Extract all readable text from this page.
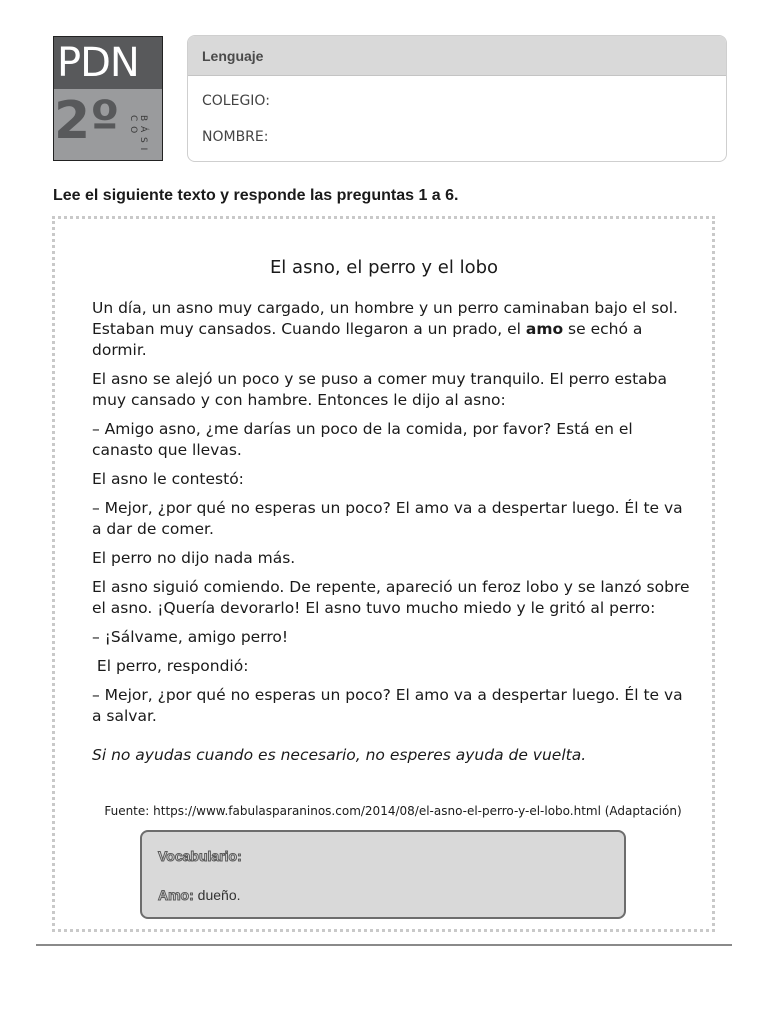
PDN
2º	B Á S I C O
Lenguaje
COLEGIO:
NOMBRE:
Lee el siguiente texto y responde las preguntas 1 a 6.
El asno, el perro y el lobo

Un día, un asno muy cargado, un hombre y un perro caminaban bajo el sol. Estaban muy cansados. Cuando llegaron a un prado, el amo se echó a dormir.

El asno se alejó un poco y se puso a comer muy tranquilo. El perro estaba muy cansado y con hambre. Entonces le dijo al asno:

– Amigo asno, ¿me darías un poco de la comida, por favor? Está en el canasto que llevas.

El asno le contestó:

– Mejor, ¿por qué no esperas un poco? El amo va a despertar luego. Él te va a dar de comer.

El perro no dijo nada más.

El asno siguió comiendo. De repente, apareció un feroz lobo y se lanzó sobre el asno. ¡Quería devorarlo! El asno tuvo mucho miedo y le gritó al perro:

– ¡Sálvame, amigo perro!

El perro, respondió:

– Mejor, ¿por qué no esperas un poco? El amo va a despertar luego. Él te va a salvar.

Si no ayudas cuando es necesario, no esperes ayuda de vuelta.
Fuente: https://www.fabulasparaninos.com/2014/08/el-asno-el-perro-y-el-lobo.html (Adaptación)
Vocabulario:
Amo: dueño.
